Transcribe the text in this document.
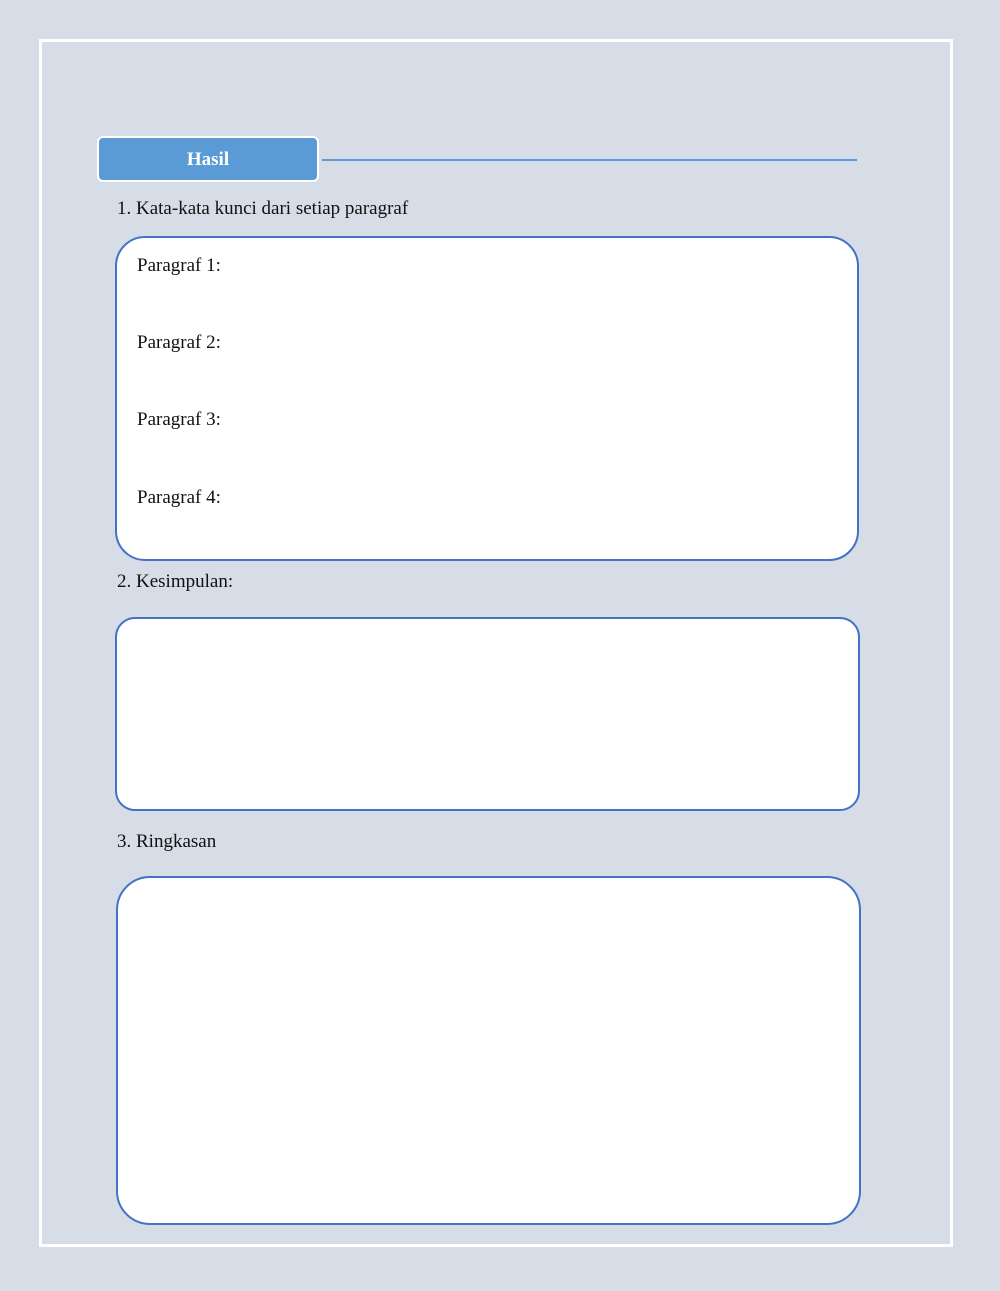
Hasil

1. Kata-kata kunci dari setiap paragraf

Paragraf 1:
Paragraf 2:
Paragraf 3:
Paragraf 4:

2. Kesimpulan:

3. Ringkasan
